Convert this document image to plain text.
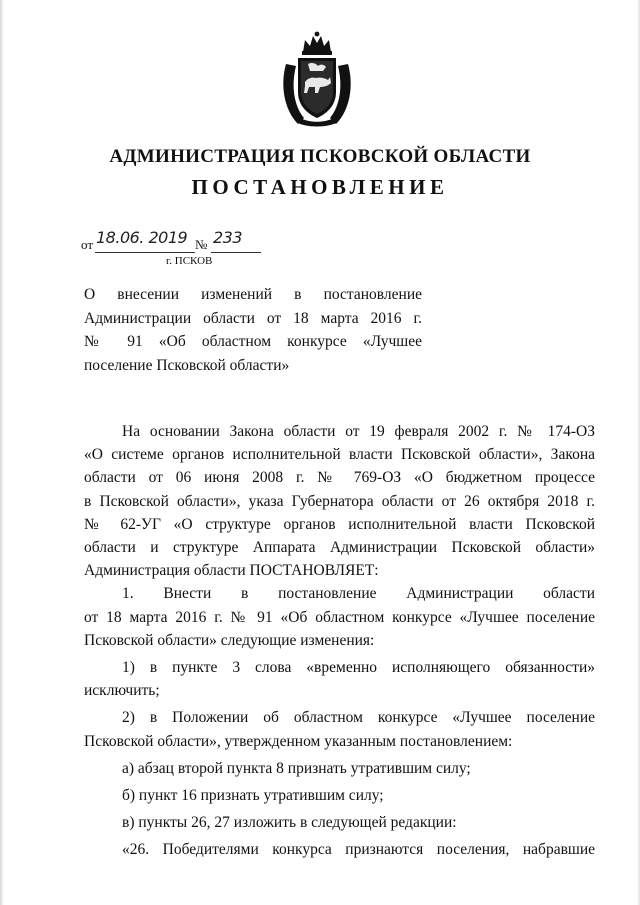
АДМИНИСТРАЦИЯ ПСКОВСКОЙ ОБЛАСТИ
ПОСТАНОВЛЕНИЕ
от 18.06. 2019 № 233
г. ПСКОВ
О внесении изменений в постановление
Администрации области от 18 марта 2016 г.
№ 91 «Об областном конкурсе «Лучшее
поселение Псковской области»
На основании Закона области от 19 февраля 2002 г. № 174-ОЗ
«О системе органов исполнительной власти Псковской области», Закона
области от 06 июня 2008 г. № 769-ОЗ «О бюджетном процессе
в Псковской области», указа Губернатора области от 26 октября 2018 г.
№ 62-УГ «О структуре органов исполнительной власти Псковской
области и структуре Аппарата Администрации Псковской области»
Администрация области ПОСТАНОВЛЯЕТ:
1. Внести в постановление Администрации области
от 18 марта 2016 г. № 91 «Об областном конкурсе «Лучшее поселение
Псковской области» следующие изменения:
1) в пункте 3 слова «временно исполняющего обязанности»
исключить;
2) в Положении об областном конкурсе «Лучшее поселение
Псковской области», утвержденном указанным постановлением:
а) абзац второй пункта 8 признать утратившим силу;
б) пункт 16 признать утратившим силу;
в) пункты 26, 27 изложить в следующей редакции:
«26. Победителями конкурса признаются поселения, набравшие
